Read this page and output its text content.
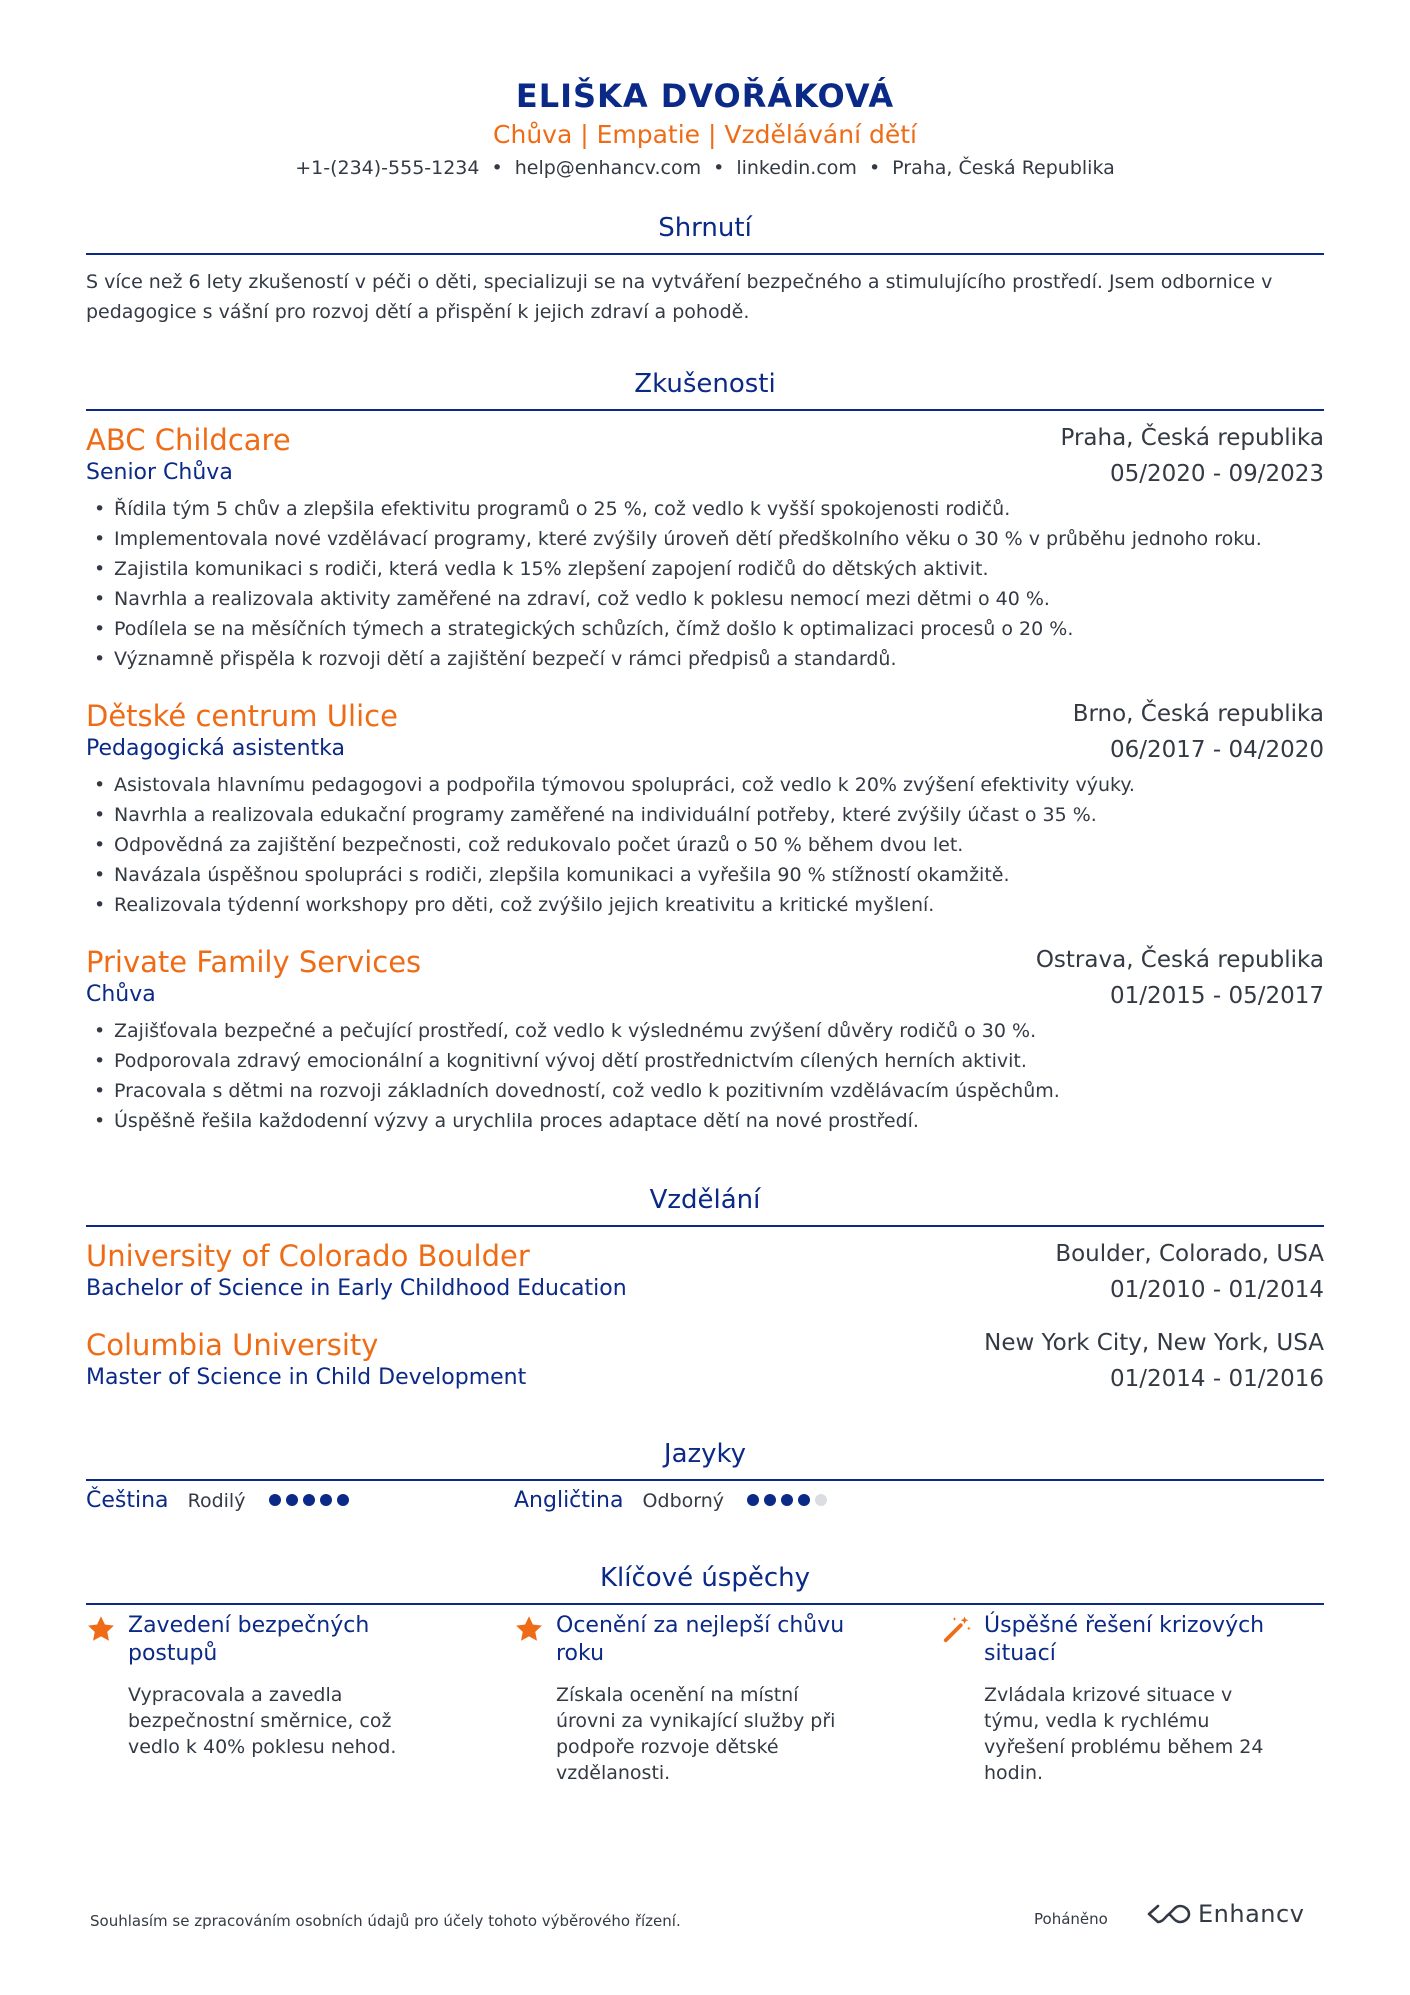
ELIŠKA DVOŘÁKOVÁ
Chůva | Empatie | Vzdělávání dětí
+1-(234)-555-1234 • help@enhancv.com • linkedin.com • Praha, Česká Republika
Shrnutí
S více než 6 lety zkušeností v péči o děti, specializuji se na vytváření bezpečného a stimulujícího prostředí. Jsem odbornice v pedagogice s vášní pro rozvoj dětí a přispění k jejich zdraví a pohodě.
Zkušenosti
ABC Childcare	Praha, Česká republika
Senior Chůva	05/2020 - 09/2023
• Řídila tým 5 chův a zlepšila efektivitu programů o 25 %, což vedlo k vyšší spokojenosti rodičů.
• Implementovala nové vzdělávací programy, které zvýšily úroveň dětí předškolního věku o 30 % v průběhu jednoho roku.
• Zajistila komunikaci s rodiči, která vedla k 15% zlepšení zapojení rodičů do dětských aktivit.
• Navrhla a realizovala aktivity zaměřené na zdraví, což vedlo k poklesu nemocí mezi dětmi o 40 %.
• Podílela se na měsíčních týmech a strategických schůzích, čímž došlo k optimalizaci procesů o 20 %.
• Významně přispěla k rozvoji dětí a zajištění bezpečí v rámci předpisů a standardů.
Dětské centrum Ulice	Brno, Česká republika
Pedagogická asistentka	06/2017 - 04/2020
• Asistovala hlavnímu pedagogovi a podpořila týmovou spolupráci, což vedlo k 20% zvýšení efektivity výuky.
• Navrhla a realizovala edukační programy zaměřené na individuální potřeby, které zvýšily účast o 35 %.
• Odpovědná za zajištění bezpečnosti, což redukovalo počet úrazů o 50 % během dvou let.
• Navázala úspěšnou spolupráci s rodiči, zlepšila komunikaci a vyřešila 90 % stížností okamžitě.
• Realizovala týdenní workshopy pro děti, což zvýšilo jejich kreativitu a kritické myšlení.
Private Family Services	Ostrava, Česká republika
Chůva	01/2015 - 05/2017
• Zajišťovala bezpečné a pečující prostředí, což vedlo k výslednému zvýšení důvěry rodičů o 30 %.
• Podporovala zdravý emocionální a kognitivní vývoj dětí prostřednictvím cílených herních aktivit.
• Pracovala s dětmi na rozvoji základních dovedností, což vedlo k pozitivním vzdělávacím úspěchům.
• Úspěšně řešila každodenní výzvy a urychlila proces adaptace dětí na nové prostředí.
Vzdělání
University of Colorado Boulder	Boulder, Colorado, USA
Bachelor of Science in Early Childhood Education	01/2010 - 01/2014
Columbia University	New York City, New York, USA
Master of Science in Child Development	01/2014 - 01/2016
Jazyky
Čeština Rodilý	Angličtina Odborný
Klíčové úspěchy
Zavedení bezpečných postupů
Vypracovala a zavedla bezpečnostní směrnice, což vedlo k 40% poklesu nehod.
Ocenění za nejlepší chůvu roku
Získala ocenění na místní úrovni za vynikající služby při podpoře rozvoje dětské vzdělanosti.
Úspěšné řešení krizových situací
Zvládala krizové situace v týmu, vedla k rychlému vyřešení problému během 24 hodin.
Souhlasím se zpracováním osobních údajů pro účely tohoto výběrového řízení.	Poháněno	Enhancv
